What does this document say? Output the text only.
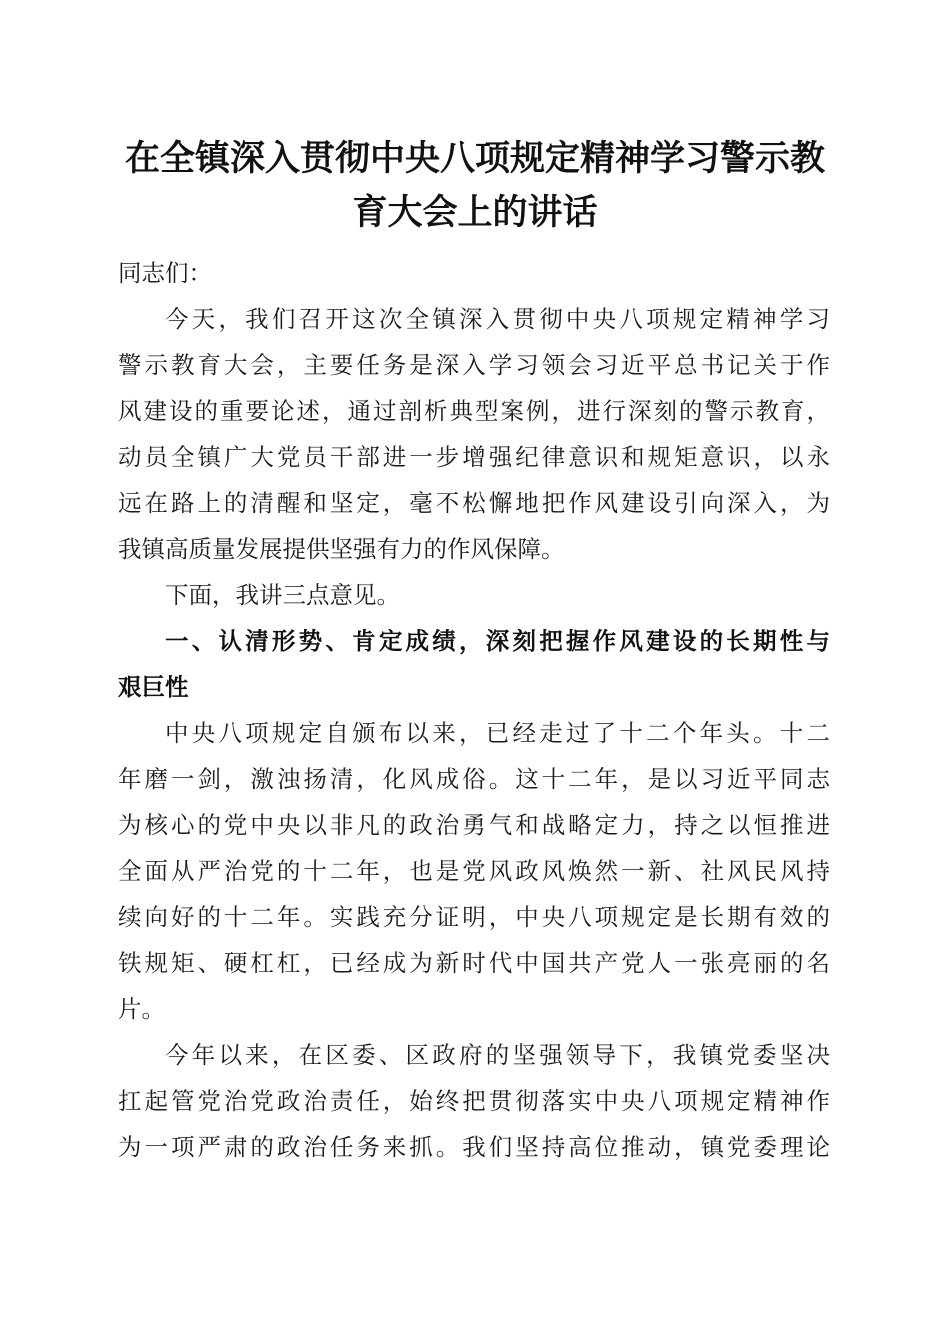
在全镇深入贯彻中央八项规定精神学习警示教
育大会上的讲话
同志们：
今天，我们召开这次全镇深入贯彻中央八项规定精神学习
警示教育大会，主要任务是深入学习领会习近平总书记关于作
风建设的重要论述，通过剖析典型案例，进行深刻的警示教育，
动员全镇广大党员干部进一步增强纪律意识和规矩意识，以永
远在路上的清醒和坚定，毫不松懈地把作风建设引向深入，为
我镇高质量发展提供坚强有力的作风保障。
下面，我讲三点意见。
一、认清形势、肯定成绩，深刻把握作风建设的长期性与
艰巨性
中央八项规定自颁布以来，已经走过了十二个年头。十二
年磨一剑，激浊扬清，化风成俗。这十二年，是以习近平同志
为核心的党中央以非凡的政治勇气和战略定力，持之以恒推进
全面从严治党的十二年，也是党风政风焕然一新、社风民风持
续向好的十二年。实践充分证明，中央八项规定是长期有效的
铁规矩、硬杠杠，已经成为新时代中国共产党人一张亮丽的名
片。
今年以来，在区委、区政府的坚强领导下，我镇党委坚决
扛起管党治党政治责任，始终把贯彻落实中央八项规定精神作
为一项严肃的政治任务来抓。我们坚持高位推动，镇党委理论
